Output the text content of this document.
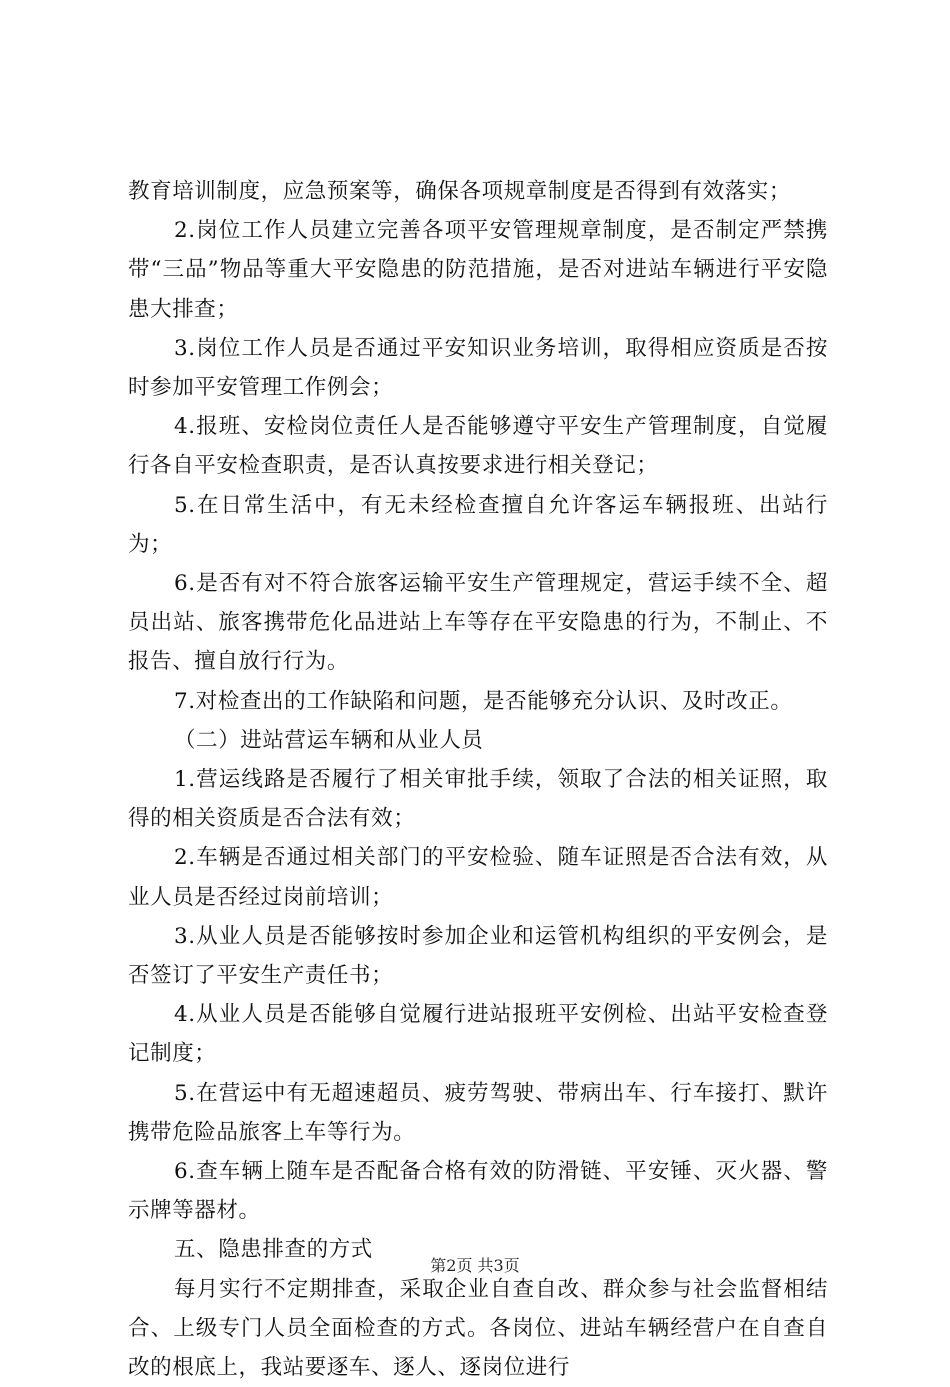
教育培训制度，应急预案等，确保各项规章制度是否得到有效落实；

2.岗位工作人员建立完善各项平安管理规章制度，是否制定严禁携带“三品”物品等重大平安隐患的防范措施，是否对进站车辆进行平安隐患大排查；

3.岗位工作人员是否通过平安知识业务培训，取得相应资质是否按时参加平安管理工作例会；

4.报班、安检岗位责任人是否能够遵守平安生产管理制度，自觉履行各自平安检查职责，是否认真按要求进行相关登记；

5.在日常生活中，有无未经检查擅自允许客运车辆报班、出站行为；

6.是否有对不符合旅客运输平安生产管理规定，营运手续不全、超员出站、旅客携带危化品进站上车等存在平安隐患的行为，不制止、不报告、擅自放行行为。

7.对检查出的工作缺陷和问题，是否能够充分认识、及时改正。

（二）进站营运车辆和从业人员

1.营运线路是否履行了相关审批手续，领取了合法的相关证照，取得的相关资质是否合法有效；

2.车辆是否通过相关部门的平安检验、随车证照是否合法有效，从业人员是否经过岗前培训；

3.从业人员是否能够按时参加企业和运管机构组织的平安例会，是否签订了平安生产责任书；

4.从业人员是否能够自觉履行进站报班平安例检、出站平安检查登记制度；

5.在营运中有无超速超员、疲劳驾驶、带病出车、行车接打、默许携带危险品旅客上车等行为。

6.查车辆上随车是否配备合格有效的防滑链、平安锤、灭火器、警示牌等器材。

五、隐患排查的方式

每月实行不定期排查，采取企业自查自改、群众参与社会监督相结合、上级专门人员全面检查的方式。各岗位、进站车辆经营户在自查自改的根底上，我站要逐车、逐人、逐岗位进行

第2页 共3页
